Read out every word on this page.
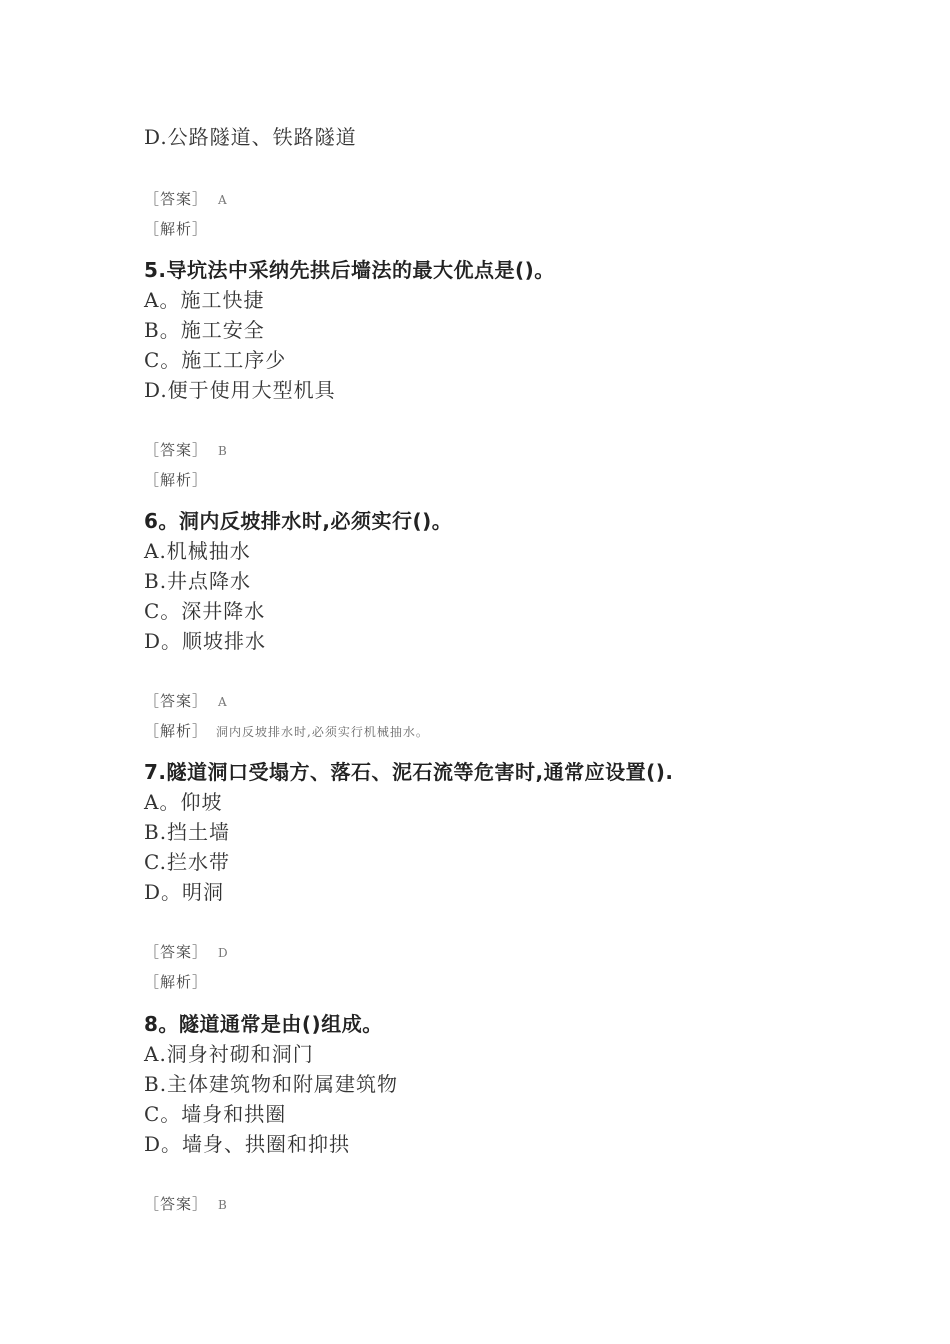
D.公路隧道、铁路隧道
［答案］ A
［解析］
5.导坑法中采纳先拱后墙法的最大优点是()。
A。施工快捷
B。施工安全
C。施工工序少
D.便于使用大型机具
［答案］ B
［解析］
6。洞内反坡排水时,必须实行()。
A.机械抽水
B.井点降水
C。深井降水
D。顺坡排水
［答案］ A
［解析］ 洞内反坡排水时,必须实行机械抽水。
7.隧道洞口受塌方、落石、泥石流等危害时,通常应设置().
A。仰坡
B.挡土墙
C.拦水带
D。明洞
［答案］ D
［解析］
8。隧道通常是由()组成。
A.洞身衬砌和洞门
B.主体建筑物和附属建筑物
C。墙身和拱圈
D。墙身、拱圈和抑拱
［答案］ B
